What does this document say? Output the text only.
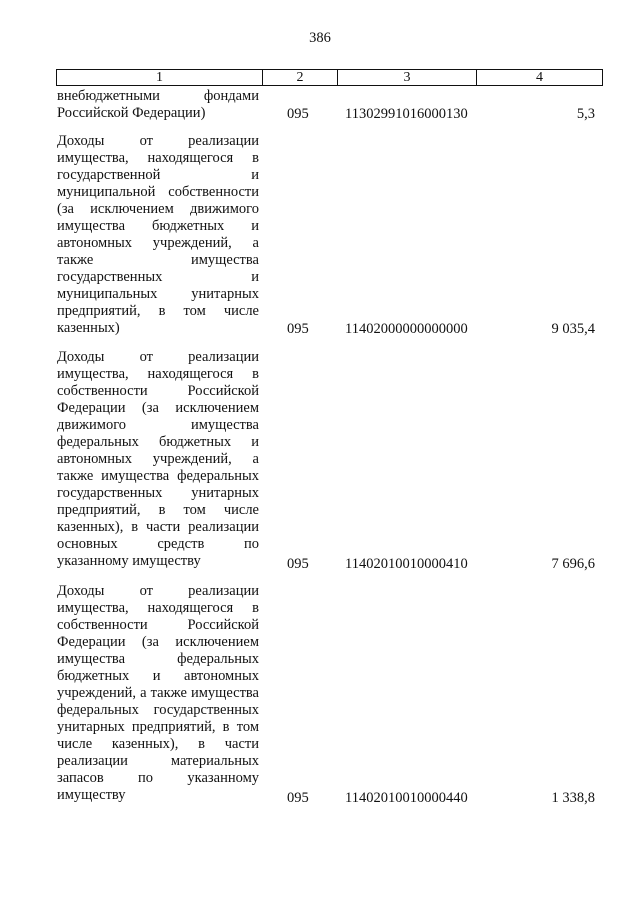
386
1	2	3	4
внебюджетными фондами Российской Федерации)	095	11302991016000130	5,3
Доходы от реализации имущества, находящегося в государственной и муниципальной собственности (за исключением движимого имущества бюджетных и автономных учреждений, а также имущества государственных и муниципальных унитарных предприятий, в том числе казенных)	095	11402000000000000	9 035,4
Доходы от реализации имущества, находящегося в собственности Российской Федерации (за исключением движимого имущества федеральных бюджетных и автономных учреждений, а также имущества федеральных государственных унитарных предприятий, в том числе казенных), в части реализации основных средств по указанному имуществу	095	11402010010000410	7 696,6
Доходы от реализации имущества, находящегося в собственности Российской Федерации (за исключением имущества федеральных бюджетных и автономных учреждений, а также имущества федеральных государственных унитарных предприятий, в том числе казенных), в части реализации материальных запасов по указанному имуществу	095	11402010010000440	1 338,8
